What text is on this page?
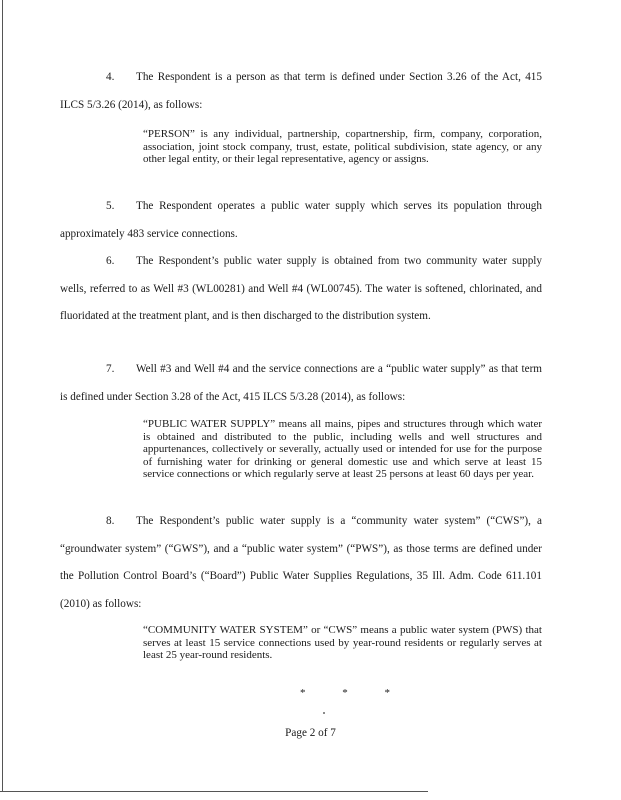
4. The Respondent is a person as that term is defined under Section 3.26 of the Act, 415 ILCS 5/3.26 (2014), as follows:

“PERSON” is any individual, partnership, copartnership, firm, company, corporation, association, joint stock company, trust, estate, political subdivision, state agency, or any other legal entity, or their legal representative, agency or assigns.

5. The Respondent operates a public water supply which serves its population through approximately 483 service connections.

6. The Respondent’s public water supply is obtained from two community water supply wells, referred to as Well #3 (WL00281) and Well #4 (WL00745). The water is softened, chlorinated, and fluoridated at the treatment plant, and is then discharged to the distribution system.

7. Well #3 and Well #4 and the service connections are a “public water supply” as that term is defined under Section 3.28 of the Act, 415 ILCS 5/3.28 (2014), as follows:

“PUBLIC WATER SUPPLY” means all mains, pipes and structures through which water is obtained and distributed to the public, including wells and well structures and appurtenances, collectively or severally, actually used or intended for use for the purpose of furnishing water for drinking or general domestic use and which serve at least 15 service connections or which regularly serve at least 25 persons at least 60 days per year.

8. The Respondent’s public water supply is a “community water system” (“CWS”), a “groundwater system” (“GWS”), and a “public water system” (“PWS”), as those terms are defined under the Pollution Control Board’s (“Board”) Public Water Supplies Regulations, 35 Ill. Adm. Code 611.101 (2010) as follows:

“COMMUNITY WATER SYSTEM” or “CWS” means a public water system (PWS) that serves at least 15 service connections used by year-round residents or regularly serves at least 25 year-round residents.

*	*	*
Page 2 of 7
